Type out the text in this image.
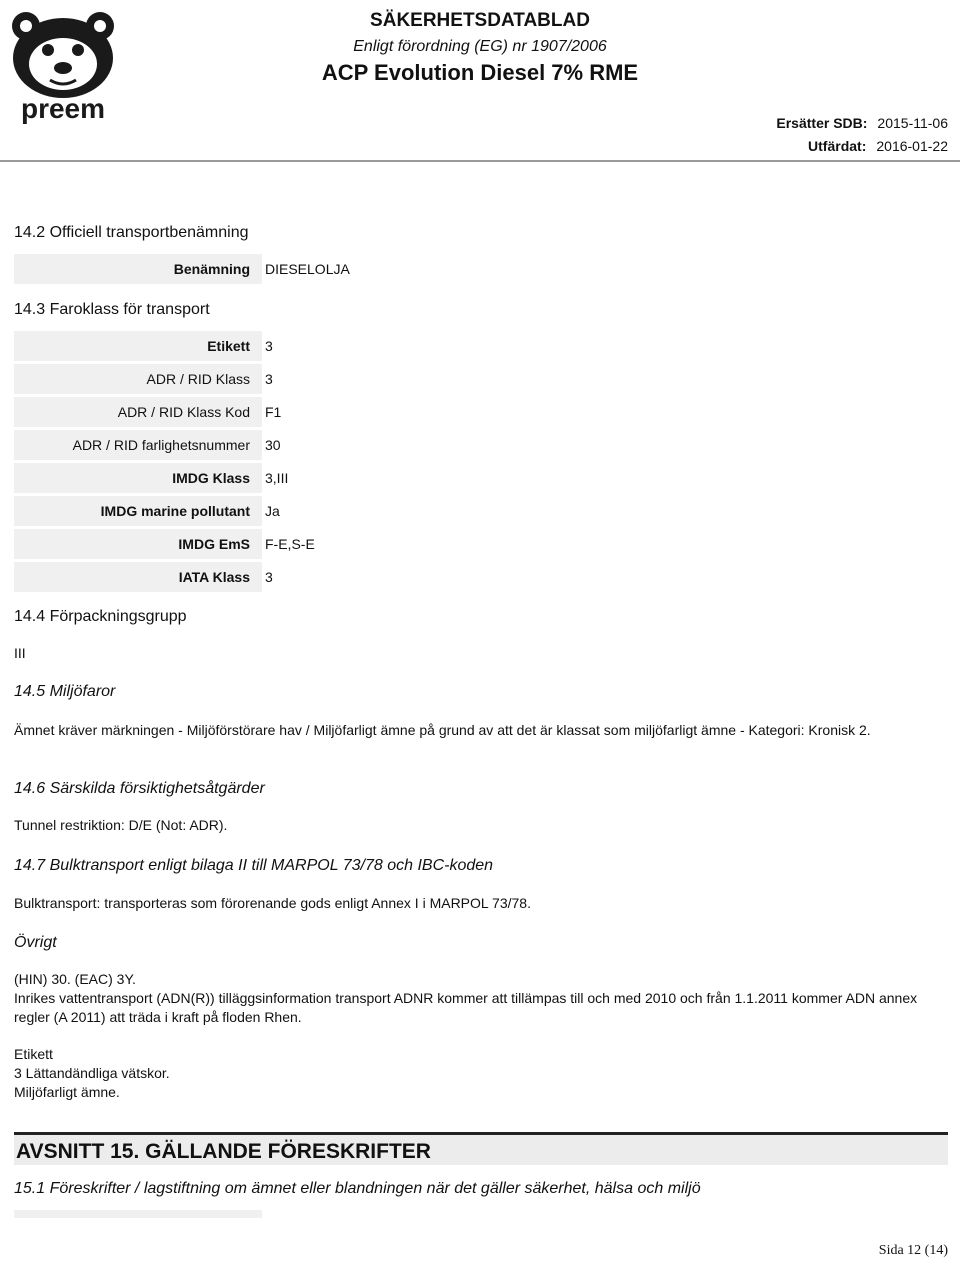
preem
SÄKERHETSDATABLAD
Enligt förordning (EG) nr 1907/2006
ACP Evolution Diesel 7% RME
Ersätter SDB: 2015-11-06
Utfärdat: 2016-01-22
14.2 Officiell transportbenämning
Benämning	DIESELOLJA
14.3 Faroklass för transport
Etikett	3
ADR / RID Klass	3
ADR / RID Klass Kod	F1
ADR / RID farlighetsnummer	30
IMDG Klass	3,III
IMDG marine pollutant	Ja
IMDG EmS	F-E,S-E
IATA Klass	3
14.4 Förpackningsgrupp
III
14.5 Miljöfaror
Ämnet kräver märkningen - Miljöförstörare hav / Miljöfarligt ämne på grund av att det är klassat som miljöfarligt ämne - Kategori: Kronisk 2.
14.6 Särskilda försiktighetsåtgärder
Tunnel restriktion: D/E (Not: ADR).
14.7 Bulktransport enligt bilaga II till MARPOL 73/78 och IBC-koden
Bulktransport: transporteras som förorenande gods enligt Annex I i MARPOL 73/78.
Övrigt
(HIN) 30. (EAC) 3Y.
Inrikes vattentransport (ADN(R)) tilläggsinformation transport ADNR kommer att tillämpas till och med 2010 och från 1.1.2011 kommer ADN annex regler (A 2011) att träda i kraft på floden Rhen.
Etikett
3 Lättandändliga vätskor.
Miljöfarligt ämne.
AVSNITT 15. GÄLLANDE FÖRESKRIFTER
15.1 Föreskrifter / lagstiftning om ämnet eller blandningen när det gäller säkerhet, hälsa och miljö
Sida 12 (14)
